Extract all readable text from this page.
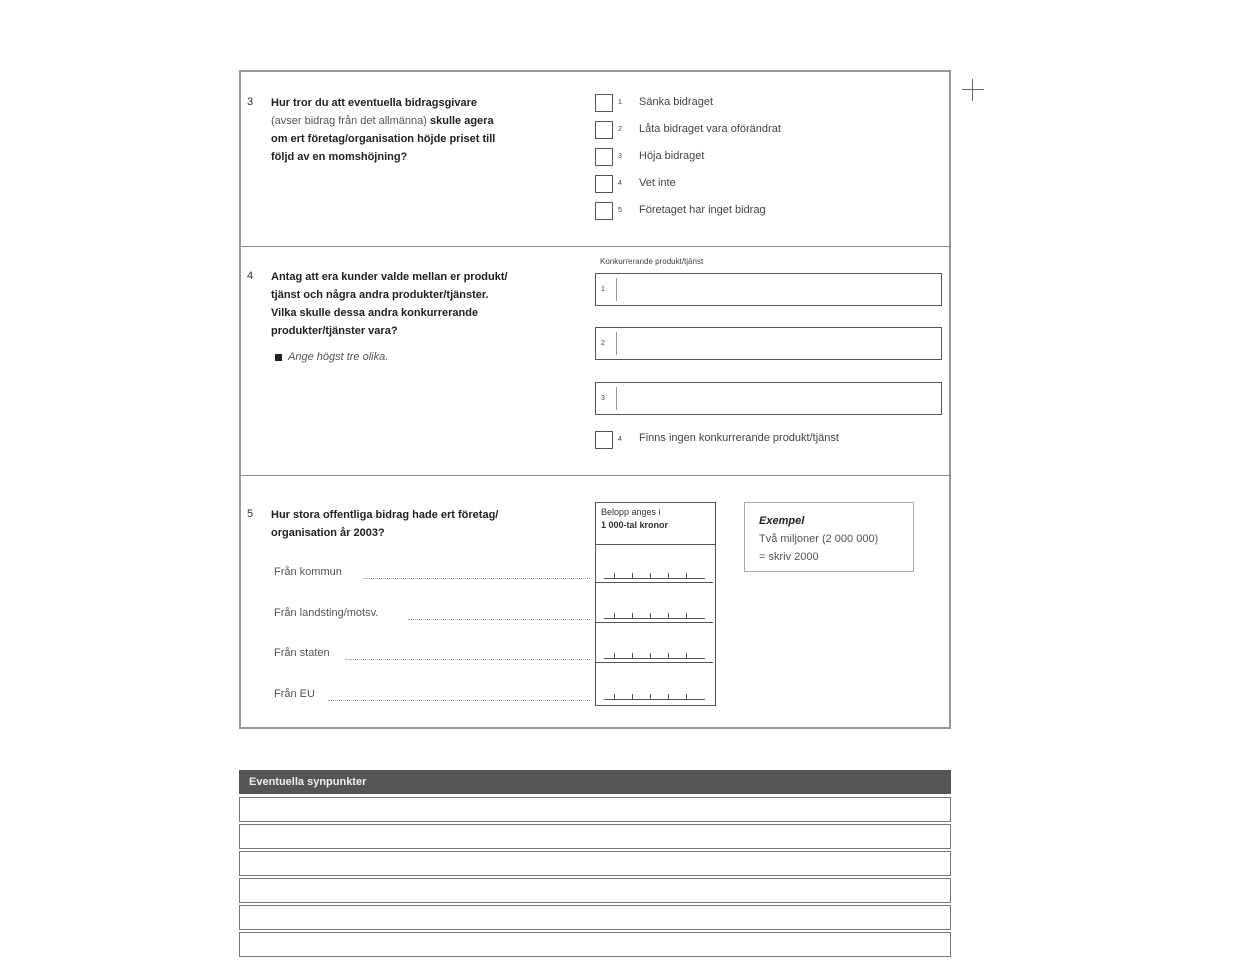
3 Hur tror du att eventuella bidragsgivare
(avser bidrag från det allmänna) skulle agera
om ert företag/organisation höjde priset till
följd av en momshöjning?
1 Sänka bidraget
2 Låta bidraget vara oförändrat
3 Höja bidraget
4 Vet inte
5 Företaget har inget bidrag
Konkurrerande produkt/tjänst
4 Antag att era kunder valde mellan er produkt/
tjänst och några andra produkter/tjänster.
Vilka skulle dessa andra konkurrerande
produkter/tjänster vara?
Ange högst tre olika.
1
2
3
4 Finns ingen konkurrerande produkt/tjänst
5 Hur stora offentliga bidrag hade ert företag/
organisation år 2003?
Belopp anges i
1 000-tal kronor
Från kommun
Från landsting/motsv.
Från staten
Från EU
Exempel
Två miljoner (2 000 000)
= skriv 2000
Eventuella synpunkter
